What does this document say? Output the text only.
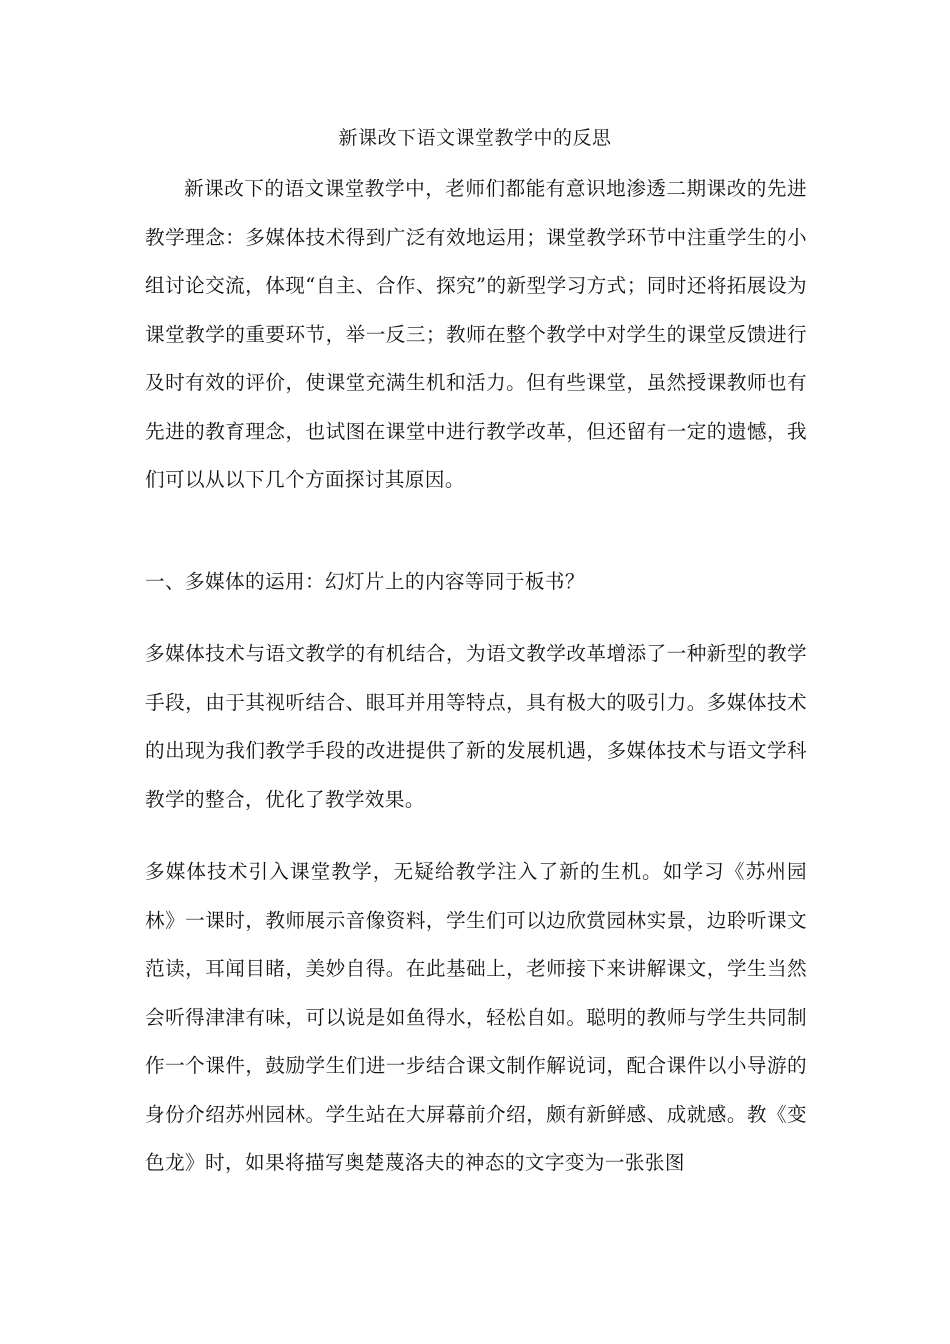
新课改下语文课堂教学中的反思

新课改下的语文课堂教学中，老师们都能有意识地渗透二期课改的先进教学理念：多媒体技术得到广泛有效地运用；课堂教学环节中注重学生的小组讨论交流，体现“自主、合作、探究”的新型学习方式；同时还将拓展设为课堂教学的重要环节，举一反三；教师在整个教学中对学生的课堂反馈进行及时有效的评价，使课堂充满生机和活力。但有些课堂，虽然授课教师也有先进的教育理念，也试图在课堂中进行教学改革，但还留有一定的遗憾，我们可以从以下几个方面探讨其原因。

一、多媒体的运用：幻灯片上的内容等同于板书？

多媒体技术与语文教学的有机结合，为语文教学改革增添了一种新型的教学手段，由于其视听结合、眼耳并用等特点，具有极大的吸引力。多媒体技术的出现为我们教学手段的改进提供了新的发展机遇，多媒体技术与语文学科教学的整合，优化了教学效果。

多媒体技术引入课堂教学，无疑给教学注入了新的生机。如学习《苏州园林》一课时，教师展示音像资料，学生们可以边欣赏园林实景，边聆听课文范读，耳闻目睹，美妙自得。在此基础上，老师接下来讲解课文，学生当然会听得津津有味，可以说是如鱼得水，轻松自如。聪明的教师与学生共同制作一个课件，鼓励学生们进一步结合课文制作解说词，配合课件以小导游的身份介绍苏州园林。学生站在大屏幕前介绍，颇有新鲜感、成就感。教《变色龙》时，如果将描写奥楚蔑洛夫的神态的文字变为一张张图
